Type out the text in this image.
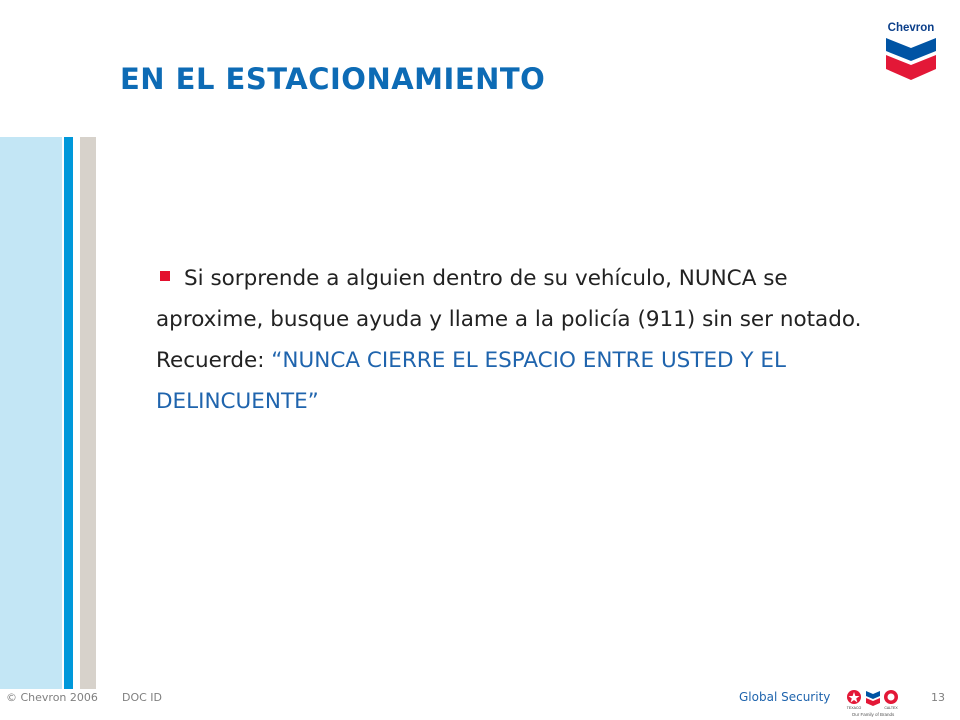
EN EL ESTACIONAMIENTO
Chevron
Si sorprende a alguien dentro de su vehículo, NUNCA se aproxime, busque ayuda y llame a la policía (911) sin ser notado. Recuerde: “NUNCA CIERRE EL ESPACIO ENTRE USTED Y EL DELINCUENTE”
© Chevron 2006 DOC ID	Global Security
TEXACO	CALTEX
Our Family of Brands
13
